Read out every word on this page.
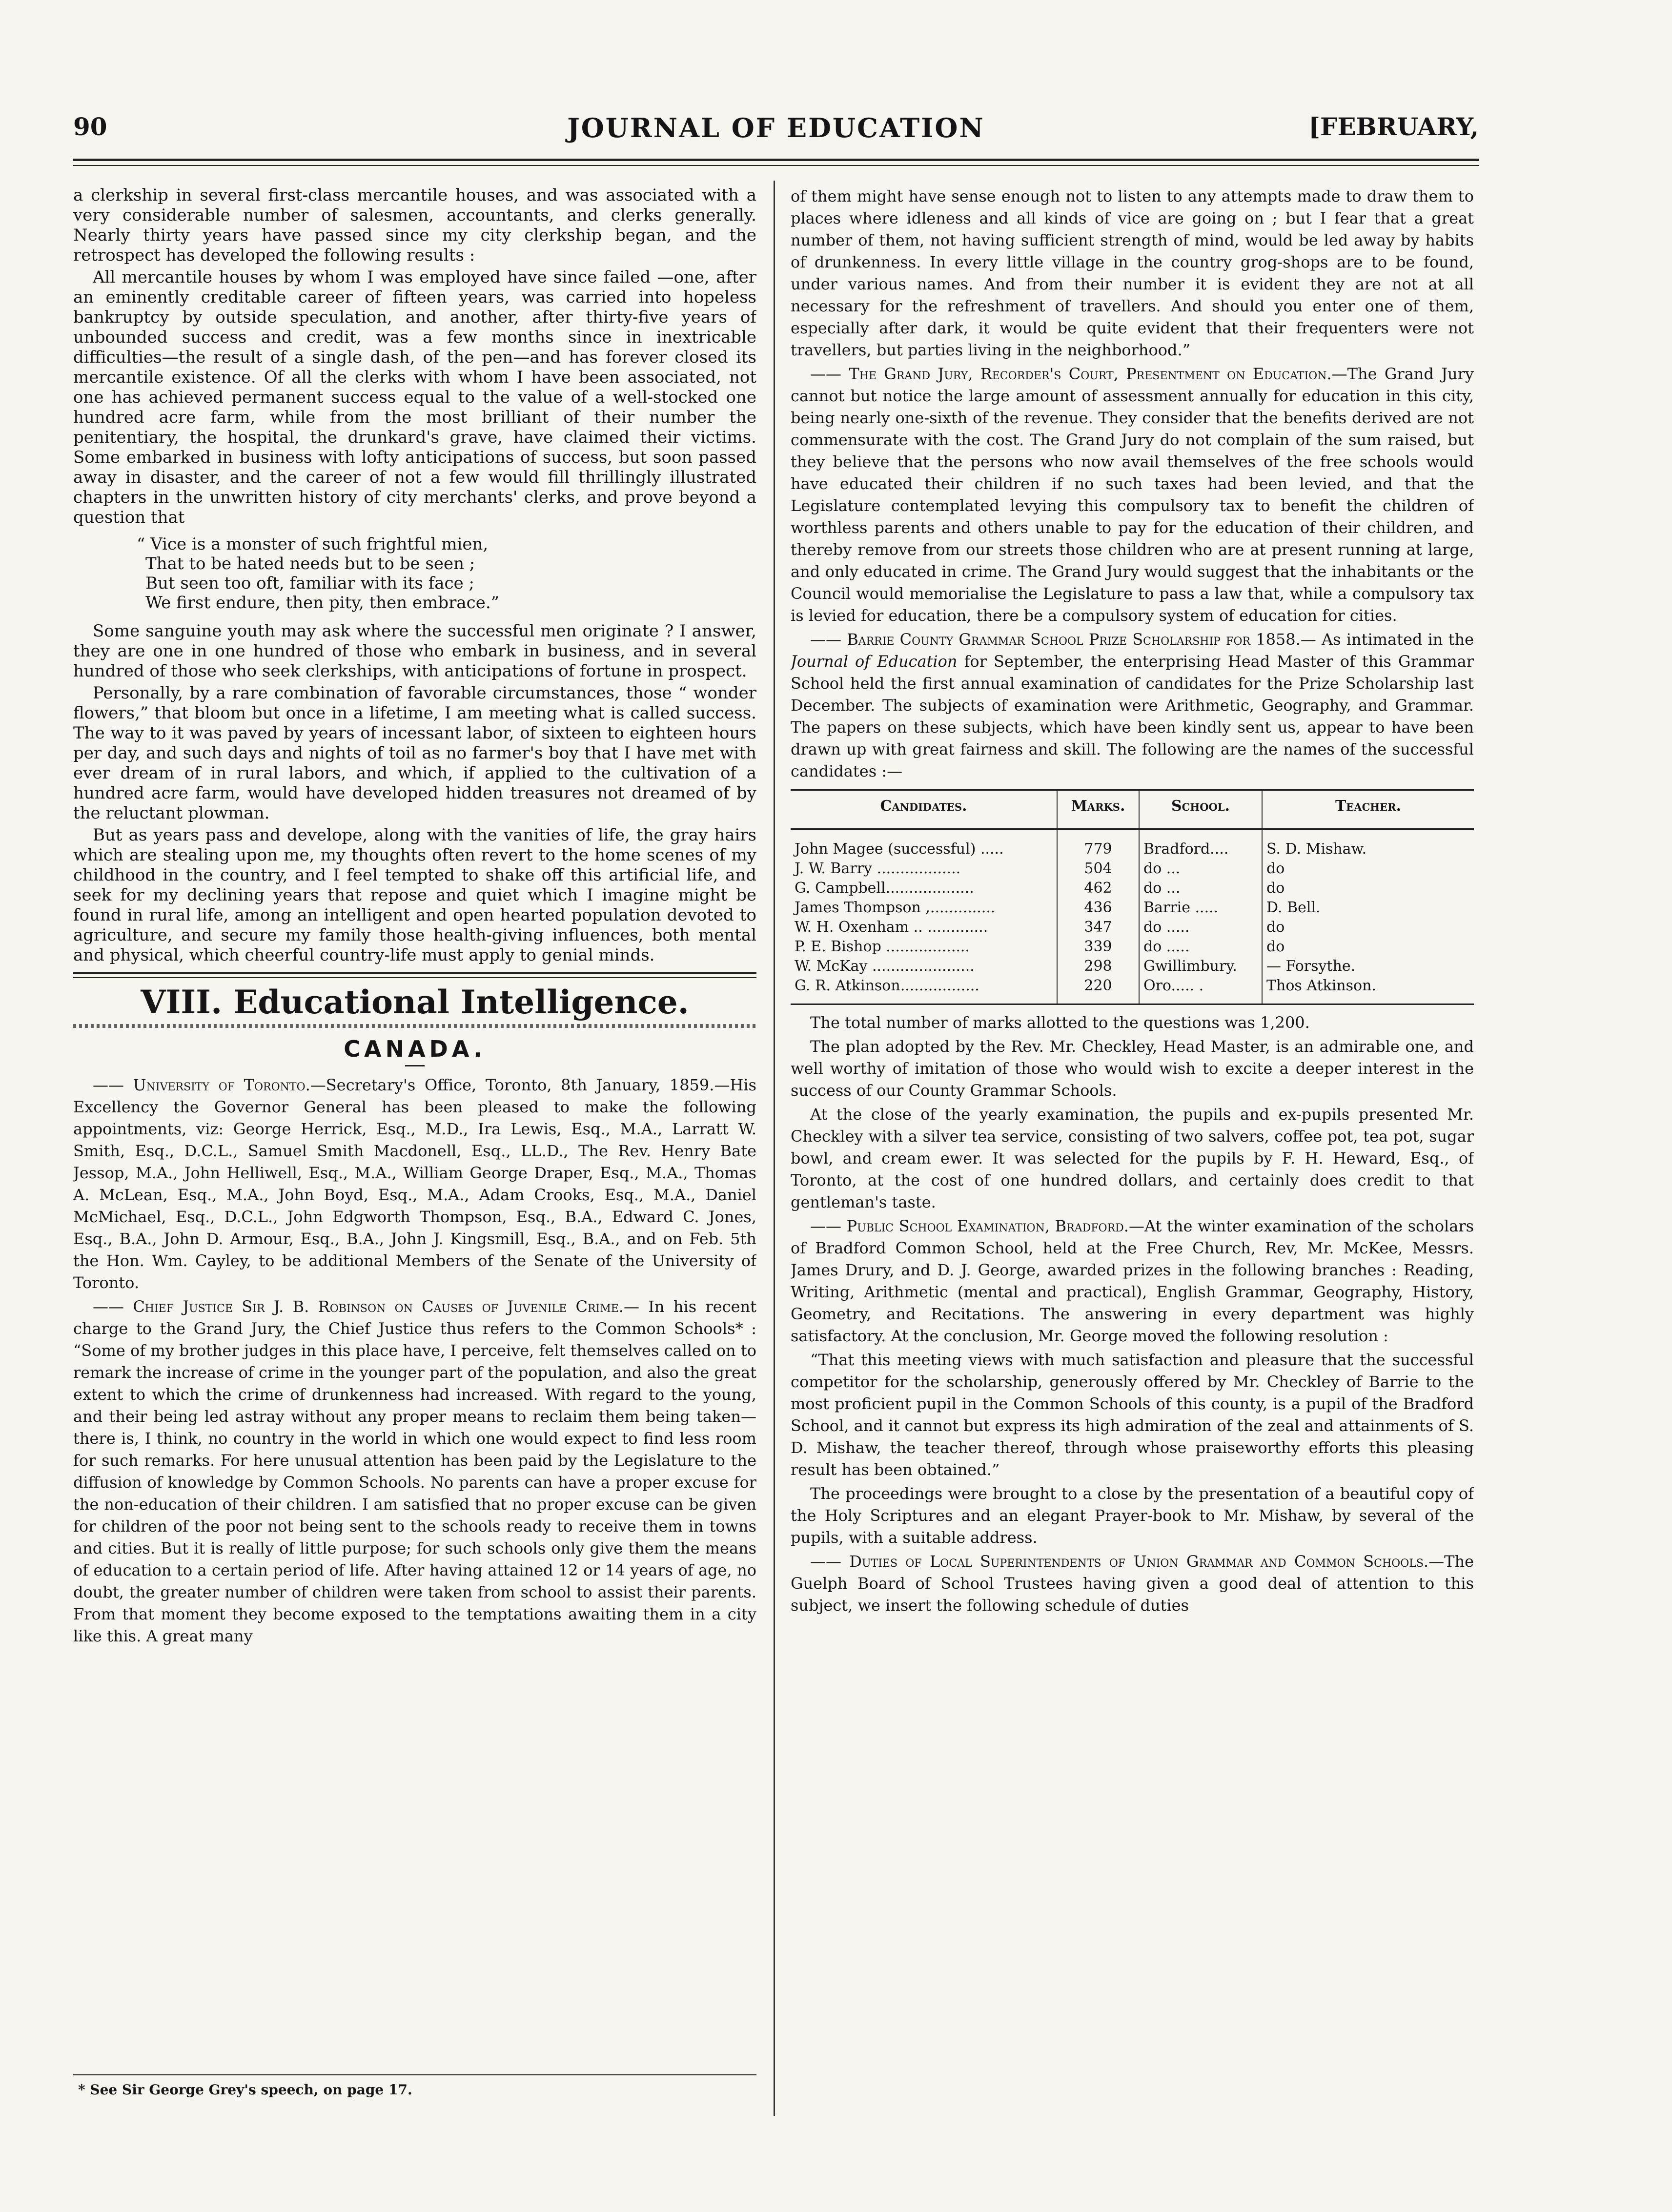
90	JOURNAL OF EDUCATION	[FEBRUARY,

a clerkship in several first-class mercantile houses, and was associated with a very considerable number of salesmen, accountants, and clerks generally. Nearly thirty years have passed since my city clerkship began, and the retrospect has developed the following results :

All mercantile houses by whom I was employed have since failed —one, after an eminently creditable career of fifteen years, was carried into hopeless bankruptcy by outside speculation, and another, after thirty-five years of unbounded success and credit, was a few months since in inextricable difficulties—the result of a single dash, of the pen—and has forever closed its mercantile existence. Of all the clerks with whom I have been associated, not one has achieved permanent success equal to the value of a well-stocked one hundred acre farm, while from the most brilliant of their number the penitentiary, the hospital, the drunkard's grave, have claimed their victims. Some embarked in business with lofty anticipations of success, but soon passed away in disaster, and the career of not a few would fill thrillingly illustrated chapters in the unwritten history of city merchants' clerks, and prove beyond a question that

“ Vice is a monster of such frightful mien,
That to be hated needs but to be seen ;
But seen too oft, familiar with its face ;
We first endure, then pity, then embrace.”

Some sanguine youth may ask where the successful men originate ? I answer, they are one in one hundred of those who embark in business, and in several hundred of those who seek clerkships, with anticipations of fortune in prospect.

Personally, by a rare combination of favorable circumstances, those “ wonder flowers,” that bloom but once in a lifetime, I am meeting what is called success. The way to it was paved by years of incessant labor, of sixteen to eighteen hours per day, and such days and nights of toil as no farmer's boy that I have met with ever dream of in rural labors, and which, if applied to the cultivation of a hundred acre farm, would have developed hidden treasures not dreamed of by the reluctant plowman.

But as years pass and develope, along with the vanities of life, the gray hairs which are stealing upon me, my thoughts often revert to the home scenes of my childhood in the country, and I feel tempted to shake off this artificial life, and seek for my declining years that repose and quiet which I imagine might be found in rural life, among an intelligent and open hearted population devoted to agriculture, and secure my family those health-giving influences, both mental and physical, which cheerful country-life must apply to genial minds.

VIII. Educational Intelligence.
CANADA.

—— University of Toronto.—Secretary's Office, Toronto, 8th January, 1859.—His Excellency the Governor General has been pleased to make the following appointments, viz: George Herrick, Esq., M.D., Ira Lewis, Esq., M.A., Larratt W. Smith, Esq., D.C.L., Samuel Smith Macdonell, Esq., LL.D., The Rev. Henry Bate Jessop, M.A., John Helliwell, Esq., M.A., William George Draper, Esq., M.A., Thomas A. McLean, Esq., M.A., John Boyd, Esq., M.A., Adam Crooks, Esq., M.A., Daniel McMichael, Esq., D.C.L., John Edgworth Thompson, Esq., B.A., Edward C. Jones, Esq., B.A., John D. Armour, Esq., B.A., John J. Kingsmill, Esq., B.A., and on Feb. 5th the Hon. Wm. Cayley, to be additional Members of the Senate of the University of Toronto.

—— Chief Justice Sir J. B. Robinson on Causes of Juvenile Crime.— In his recent charge to the Grand Jury, the Chief Justice thus refers to the Common Schools* : “Some of my brother judges in this place have, I perceive, felt themselves called on to remark the increase of crime in the younger part of the population, and also the great extent to which the crime of drunkenness had increased. With regard to the young, and their being led astray without any proper means to reclaim them being taken—there is, I think, no country in the world in which one would expect to find less room for such remarks. For here unusual attention has been paid by the Legislature to the diffusion of knowledge by Common Schools. No parents can have a proper excuse for the non-education of their children. I am satisfied that no proper excuse can be given for children of the poor not being sent to the schools ready to receive them in towns and cities. But it is really of little purpose; for such schools only give them the means of education to a certain period of life. After having attained 12 or 14 years of age, no doubt, the greater number of children were taken from school to assist their parents. From that moment they become exposed to the temptations awaiting them in a city like this. A great many

* See Sir George Grey's speech, on page 17.

of them might have sense enough not to listen to any attempts made to draw them to places where idleness and all kinds of vice are going on ; but I fear that a great number of them, not having sufficient strength of mind, would be led away by habits of drunkenness. In every little village in the country grog-shops are to be found, under various names. And from their number it is evident they are not at all necessary for the refreshment of travellers. And should you enter one of them, especially after dark, it would be quite evident that their frequenters were not travellers, but parties living in the neighborhood.”

—— The Grand Jury, Recorder's Court, Presentment on Education.—The Grand Jury cannot but notice the large amount of assessment annually for education in this city, being nearly one-sixth of the revenue. They consider that the benefits derived are not commensurate with the cost. The Grand Jury do not complain of the sum raised, but they believe that the persons who now avail themselves of the free schools would have educated their children if no such taxes had been levied, and that the Legislature contemplated levying this compulsory tax to benefit the children of worthless parents and others unable to pay for the education of their children, and thereby remove from our streets those children who are at present running at large, and only educated in crime. The Grand Jury would suggest that the inhabitants or the Council would memorialise the Legislature to pass a law that, while a compulsory tax is levied for education, there be a compulsory system of education for cities.

—— Barrie County Grammar School Prize Scholarship for 1858.— As intimated in the Journal of Education for September, the enterprising Head Master of this Grammar School held the first annual examination of candidates for the Prize Scholarship last December. The subjects of examination were Arithmetic, Geography, and Grammar. The papers on these subjects, which have been kindly sent us, appear to have been drawn up with great fairness and skill. The following are the names of the successful candidates :—

Candidates.	Marks.	School.	Teacher.
John Magee (successful) .....	779	Bradford....	S. D. Mishaw.
J. W. Barry ..................	504	do ...	do
G. Campbell...................	462	do ...	do
James Thompson ,..............	436	Barrie .....	D. Bell.
W. H. Oxenham .. .............	347	do .....	do
P. E. Bishop ..................	339	do .....	do
W. McKay ......................	298	Gwillimbury.	— Forsythe.
G. R. Atkinson.................	220	Oro..... .	Thos Atkinson.

The total number of marks allotted to the questions was 1,200.

The plan adopted by the Rev. Mr. Checkley, Head Master, is an admirable one, and well worthy of imitation of those who would wish to excite a deeper interest in the success of our County Grammar Schools.

At the close of the yearly examination, the pupils and ex-pupils presented Mr. Checkley with a silver tea service, consisting of two salvers, coffee pot, tea pot, sugar bowl, and cream ewer. It was selected for the pupils by F. H. Heward, Esq., of Toronto, at the cost of one hundred dollars, and certainly does credit to that gentleman's taste.

—— Public School Examination, Bradford.—At the winter examination of the scholars of Bradford Common School, held at the Free Church, Rev, Mr. McKee, Messrs. James Drury, and D. J. George, awarded prizes in the following branches : Reading, Writing, Arithmetic (mental and practical), English Grammar, Geography, History, Geometry, and Recitations. The answering in every department was highly satisfactory. At the conclusion, Mr. George moved the following resolution :

“That this meeting views with much satisfaction and pleasure that the successful competitor for the scholarship, generously offered by Mr. Checkley of Barrie to the most proficient pupil in the Common Schools of this county, is a pupil of the Bradford School, and it cannot but express its high admiration of the zeal and attainments of S. D. Mishaw, the teacher thereof, through whose praiseworthy efforts this pleasing result has been obtained.”

The proceedings were brought to a close by the presentation of a beautiful copy of the Holy Scriptures and an elegant Prayer-book to Mr. Mishaw, by several of the pupils, with a suitable address.

—— Duties of Local Superintendents of Union Grammar and Common Schools.—The Guelph Board of School Trustees having given a good deal of attention to this subject, we insert the following schedule of duties
